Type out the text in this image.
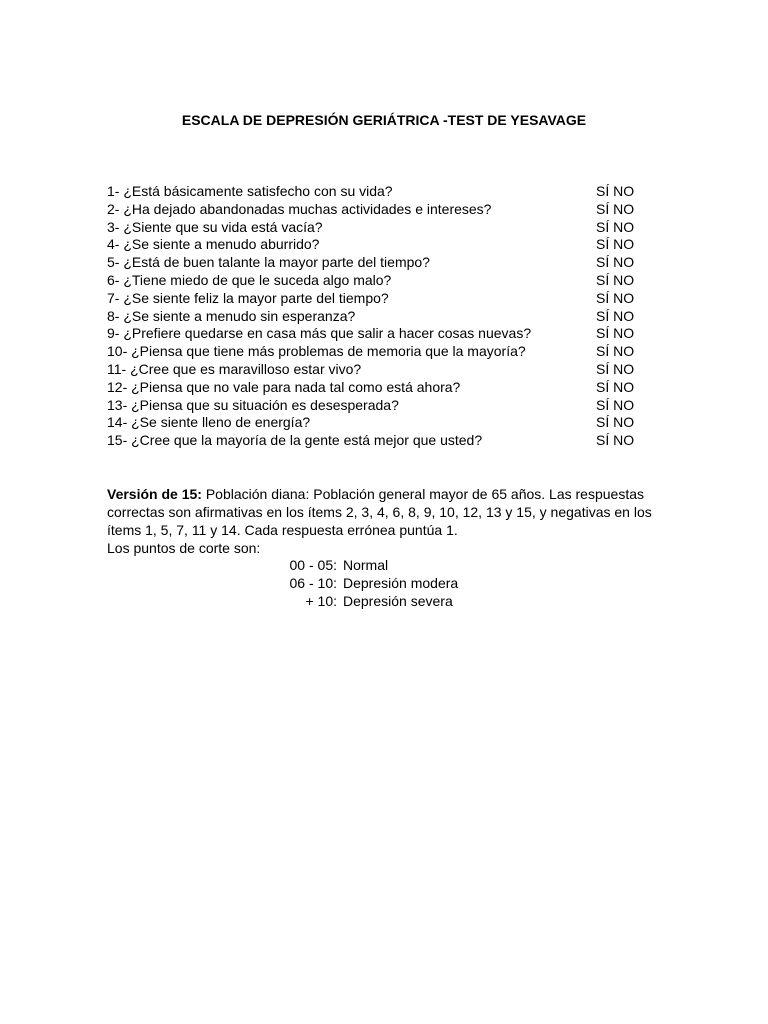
ESCALA DE DEPRESIÓN GERIÁTRICA -TEST DE YESAVAGE
1- ¿Está básicamente satisfecho con su vida?	SÍ NO
2- ¿Ha dejado abandonadas muchas actividades e intereses?	SÍ NO
3- ¿Siente que su vida está vacía?	SÍ NO
4- ¿Se siente a menudo aburrido?	SÍ NO
5- ¿Está de buen talante la mayor parte del tiempo?	SÍ NO
6- ¿Tiene miedo de que le suceda algo malo?	SÍ NO
7- ¿Se siente feliz la mayor parte del tiempo?	SÍ NO
8- ¿Se siente a menudo sin esperanza?	SÍ NO
9- ¿Prefiere quedarse en casa más que salir a hacer cosas nuevas?	SÍ NO
10- ¿Piensa que tiene más problemas de memoria que la mayoría?	SÍ NO
11- ¿Cree que es maravilloso estar vivo?	SÍ NO
12- ¿Piensa que no vale para nada tal como está ahora?	SÍ NO
13- ¿Piensa que su situación es desesperada?	SÍ NO
14- ¿Se siente lleno de energía?	SÍ NO
15- ¿Cree que la mayoría de la gente está mejor que usted?	SÍ NO

Versión de 15: Población diana: Población general mayor de 65 años. Las respuestas correctas son afirmativas en los ítems 2, 3, 4, 6, 8, 9, 10, 12, 13 y 15, y negativas en los ítems 1, 5, 7, 11 y 14. Cada respuesta errónea puntúa 1.

Los puntos de corte son:

00 - 05: Normal
06 - 10: Depresión modera
+ 10: Depresión severa
